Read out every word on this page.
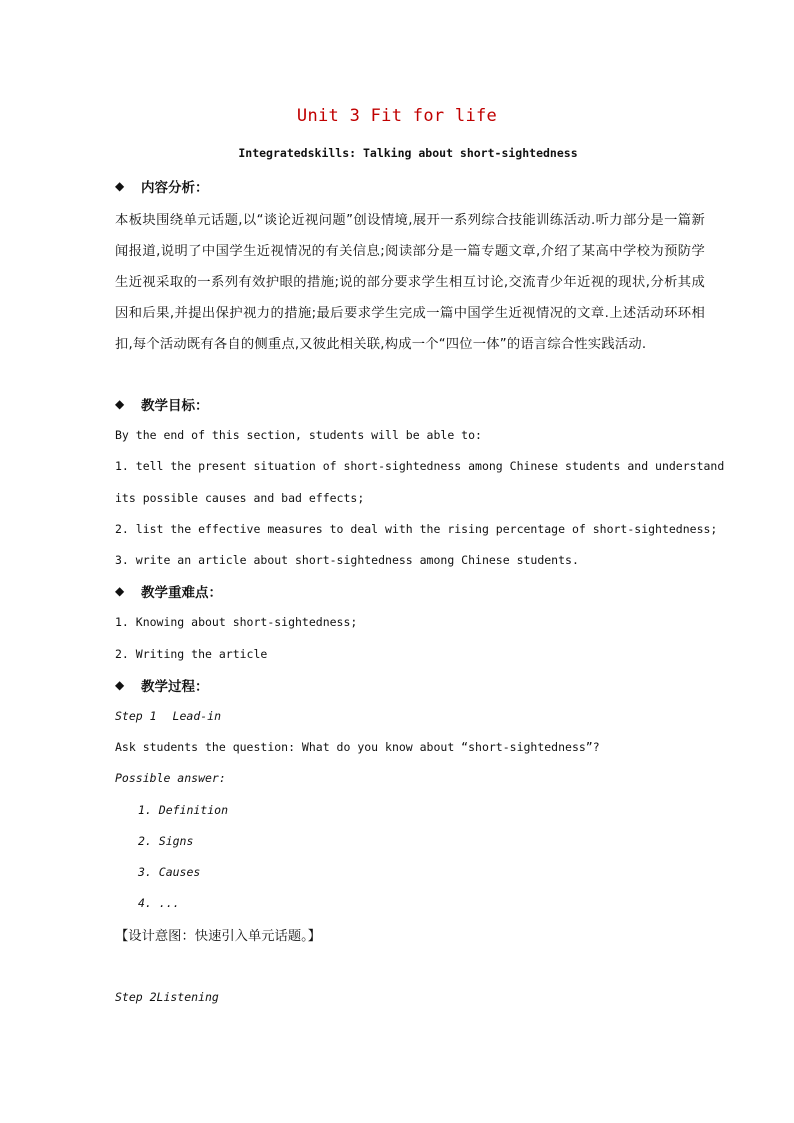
Unit 3 Fit for life
Integratedskills: Talking about short-sightedness
◆	内容分析：
本板块围绕单元话题,以“谈论近视问题”创设情境,展开一系列综合技能训练活动.听力部分是一篇新闻报道,说明了中国学生近视情况的有关信息;阅读部分是一篇专题文章,介绍了某高中学校为预防学生近视采取的一系列有效护眼的措施;说的部分要求学生相互讨论,交流青少年近视的现状,分析其成因和后果,并提出保护视力的措施;最后要求学生完成一篇中国学生近视情况的文章.上述活动环环相扣,每个活动既有各自的侧重点,又彼此相关联,构成一个“四位一体”的语言综合性实践活动.
◆	教学目标：
By the end of this section, students will be able to:
1. tell the present situation of short-sightedness among Chinese students and understand
its possible causes and bad effects;
2. list the effective measures to deal with the rising percentage of short-sightedness;
3. write an article about short-sightedness among Chinese students.
◆	教学重难点：
1. Knowing about short-sightedness;
2. Writing the article
◆	教学过程：
Step 1 Lead-in
Ask students the question: What do you know about “short-sightedness”?
Possible answer:
1. Definition
2. Signs
3. Causes
4. ...
【设计意图：快速引入单元话题。】
Step 2Listening
